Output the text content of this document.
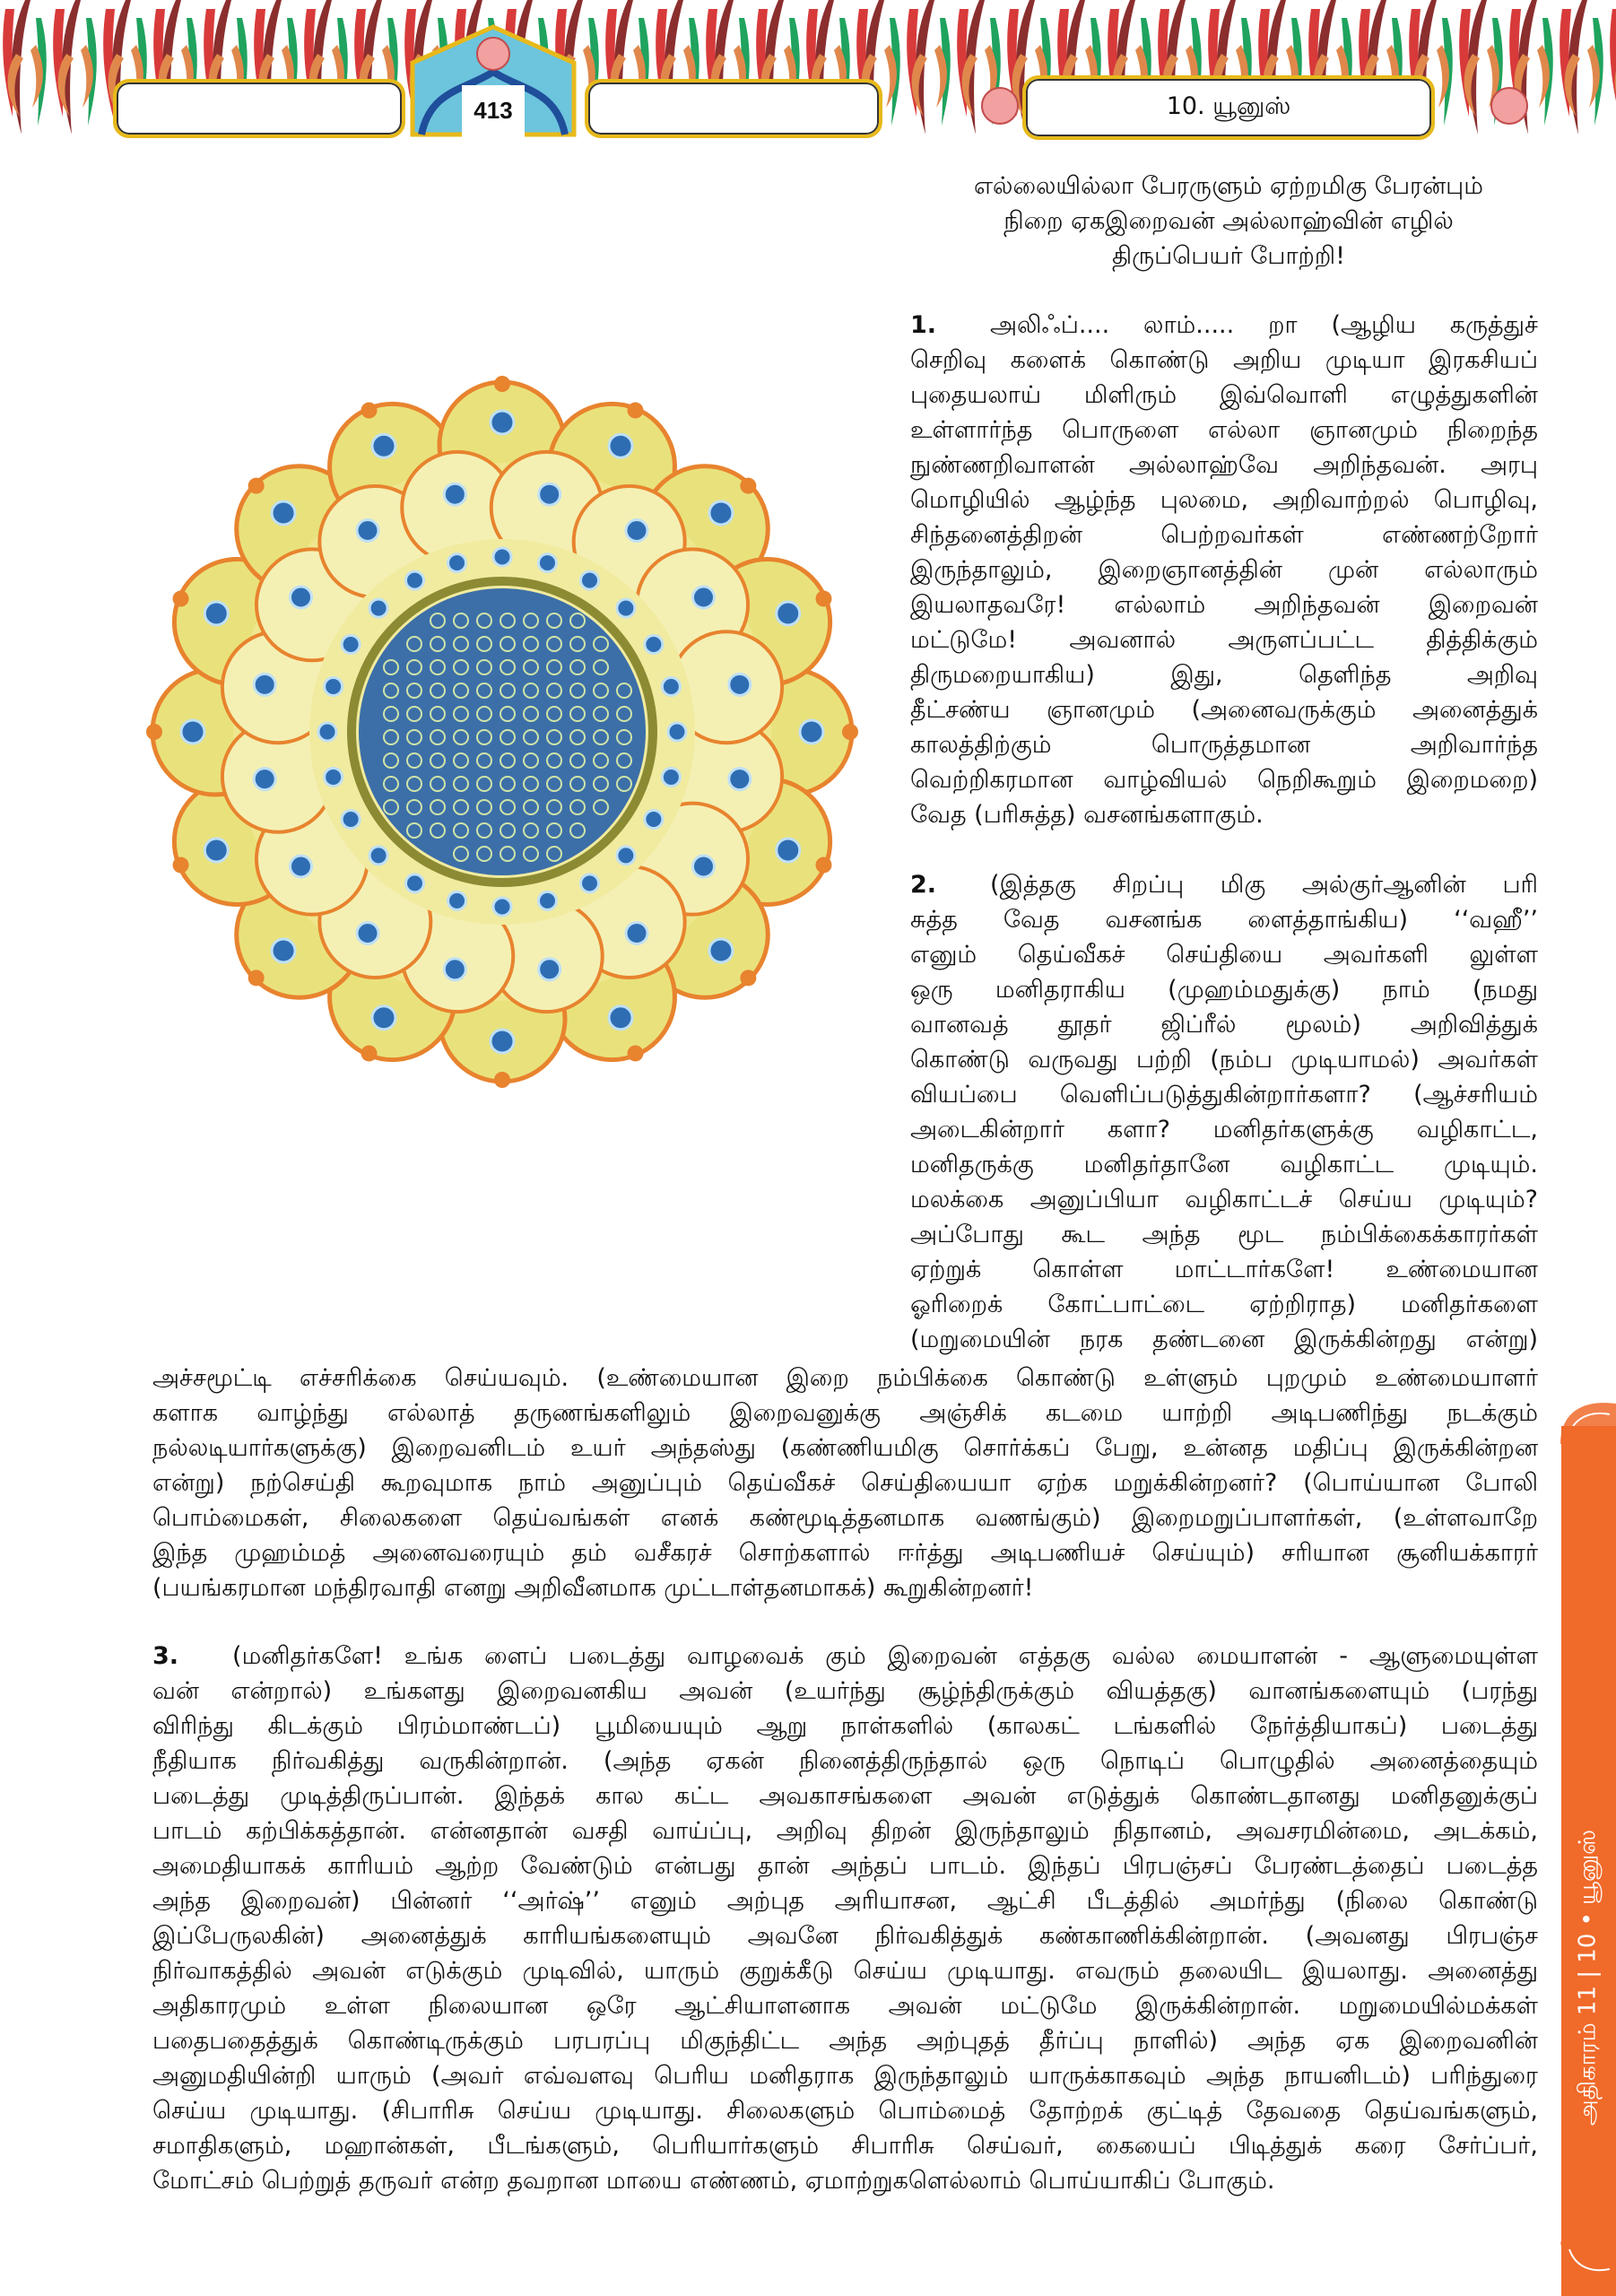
413	10. யூனுஸ்
எல்லையில்லா பேரருளும் ஏற்றமிகு பேரன்பும்
நிறை ஏகஇறைவன் அல்லாஹ்வின் எழில்
திருப்பெயர் போற்றி!
1. அலிஃப்.... லாம்..... றா (ஆழிய கருத்துச்
செறிவு களைக் கொண்டு அறிய முடியா இரகசியப்
புதையலாய் மிளிரும் இவ்வொளி எழுத்துகளின்
உள்ளார்ந்த பொருளை எல்லா ஞானமும் நிறைந்த
நுண்ணறிவாளன் அல்லாஹ்வே அறிந்தவன். அரபு
மொழியில் ஆழ்ந்த புலமை, அறிவாற்றல் பொழிவு,
சிந்தனைத்திறன் பெற்றவர்கள் எண்ணற்றோர்
இருந்தாலும், இறைஞானத்தின் முன் எல்லாரும்
இயலாதவரே! எல்லாம் அறிந்தவன் இறைவன்
மட்டுமே! அவனால் அருளப்பட்ட தித்திக்கும்
திருமறையாகிய) இது, தெளிந்த அறிவு
தீட்சண்ய ஞானமும் (அனைவருக்கும் அனைத்துக்
காலத்திற்கும் பொருத்தமான அறிவார்ந்த
வெற்றிகரமான வாழ்வியல் நெறிகூறும் இறைமறை)
வேத (பரிசுத்த) வசனங்களாகும்.
2. (இத்தகு சிறப்பு மிகு அல்குர்ஆனின் பரி
சுத்த வேத வசனங்க ளைத்தாங்கிய) ‘‘வஹீ’’
எனும் தெய்வீகச் செய்தியை அவர்களி லுள்ள
ஒரு மனிதராகிய (முஹம்மதுக்கு) நாம் (நமது
வானவத் தூதர் ஜிப்ரீல் மூலம்) அறிவித்துக்
கொண்டு வருவது பற்றி (நம்ப முடியாமல்) அவர்கள்
வியப்பை வெளிப்படுத்துகின்றார்களா? (ஆச்சரியம்
அடைகின்றார் களா? மனிதர்களுக்கு வழிகாட்ட,
மனிதருக்கு மனிதர்தானே வழிகாட்ட முடியும்.
மலக்கை அனுப்பியா வழிகாட்டச் செய்ய முடியும்?
அப்போது கூட அந்த மூட நம்பிக்கைக்காரர்கள்
ஏற்றுக் கொள்ள மாட்டார்களே! உண்மையான
ஓரிறைக் கோட்பாட்டை ஏற்றிராத) மனிதர்களை
(மறுமையின் நரக தண்டனை இருக்கின்றது என்று)
அச்சமூட்டி எச்சரிக்கை செய்யவும். (உண்மையான இறை நம்பிக்கை கொண்டு உள்ளும் புறமும் உண்மையாளர்
களாக வாழ்ந்து எல்லாத் தருணங்களிலும் இறைவனுக்கு அஞ்சிக் கடமை யாற்றி அடிபணிந்து நடக்கும்
நல்லடியார்களுக்கு) இறைவனிடம் உயர் அந்தஸ்து (கண்ணியமிகு சொர்க்கப் பேறு, உன்னத மதிப்பு இருக்கின்றன
என்று) நற்செய்தி கூறவுமாக நாம் அனுப்பும் தெய்வீகச் செய்தியையா ஏற்க மறுக்கின்றனர்? (பொய்யான போலி
பொம்மைகள், சிலைகளை தெய்வங்கள் எனக் கண்மூடித்தனமாக வணங்கும்) இறைமறுப்பாளர்கள், (உள்ளவாறே
இந்த முஹம்மத் அனைவரையும் தம் வசீகரச் சொற்களால் ஈர்த்து அடிபணியச் செய்யும்) சரியான சூனியக்காரர்
(பயங்கரமான மந்திரவாதி எனறு அறிவீனமாக முட்டாள்தனமாகக்) கூறுகின்றனர்!
3. (மனிதர்களே! உங்க ளைப் படைத்து வாழவைக் கும் இறைவன் எத்தகு வல்ல மையாளன் - ஆளுமையுள்ள
வன் என்றால்) உங்களது இறைவனகிய அவன் (உயர்ந்து சூழ்ந்திருக்கும் வியத்தகு) வானங்களையும் (பரந்து
விரிந்து கிடக்கும் பிரம்மாண்டப்) பூமியையும் ஆறு நாள்களில் (காலகட் டங்களில் நேர்த்தியாகப்) படைத்து
நீதியாக நிர்வகித்து வருகின்றான். (அந்த ஏகன் நினைத்திருந்தால் ஒரு நொடிப் பொழுதில் அனைத்தையும்
படைத்து முடித்திருப்பான். இந்தக் கால கட்ட அவகாசங்களை அவன் எடுத்துக் கொண்டதானது மனிதனுக்குப்
பாடம் கற்பிக்கத்தான். என்னதான் வசதி வாய்ப்பு, அறிவு திறன் இருந்தாலும் நிதானம், அவசரமின்மை, அடக்கம்,
அமைதியாகக் காரியம் ஆற்ற வேண்டும் என்பது தான் அந்தப் பாடம். இந்தப் பிரபஞ்சப் பேரண்டத்தைப் படைத்த
அந்த இறைவன்) பின்னர் ‘‘அர்ஷ்’’ எனும் அற்புத அரியாசன, ஆட்சி பீடத்தில் அமர்ந்து (நிலை கொண்டு
இப்பேருலகின்) அனைத்துக் காரியங்களையும் அவனே நிர்வகித்துக் கண்காணிக்கின்றான். (அவனது பிரபஞ்ச
நிர்வாகத்தில் அவன் எடுக்கும் முடிவில், யாரும் குறுக்கீடு செய்ய முடியாது. எவரும் தலையிட இயலாது. அனைத்து
அதிகாரமும் உள்ள நிலையான ஒரே ஆட்சியாளனாக அவன் மட்டுமே இருக்கின்றான். மறுமையில்மக்கள்
பதைபதைத்துக் கொண்டிருக்கும் பரபரப்பு மிகுந்திட்ட அந்த அற்புதத் தீர்ப்பு நாளில்) அந்த ஏக இறைவனின்
அனுமதியின்றி யாரும் (அவர் எவ்வளவு பெரிய மனிதராக இருந்தாலும் யாருக்காகவும் அந்த நாயனிடம்) பரிந்துரை
செய்ய முடியாது. (சிபாரிசு செய்ய முடியாது. சிலைகளும் பொம்மைத் தோற்றக் குட்டித் தேவதை தெய்வங்களும்,
சமாதிகளும், மஹான்கள், பீடங்களும், பெரியார்களும் சிபாரிசு செய்வர், கையைப் பிடித்துக் கரை சேர்ப்பர்,
மோட்சம் பெற்றுத் தருவர் என்ற தவறான மாயை எண்ணம், ஏமாற்றுகளெல்லாம் பொய்யாகிப் போகும்.
அதிகாரம் 11 | 10 • யூனுஸ்
